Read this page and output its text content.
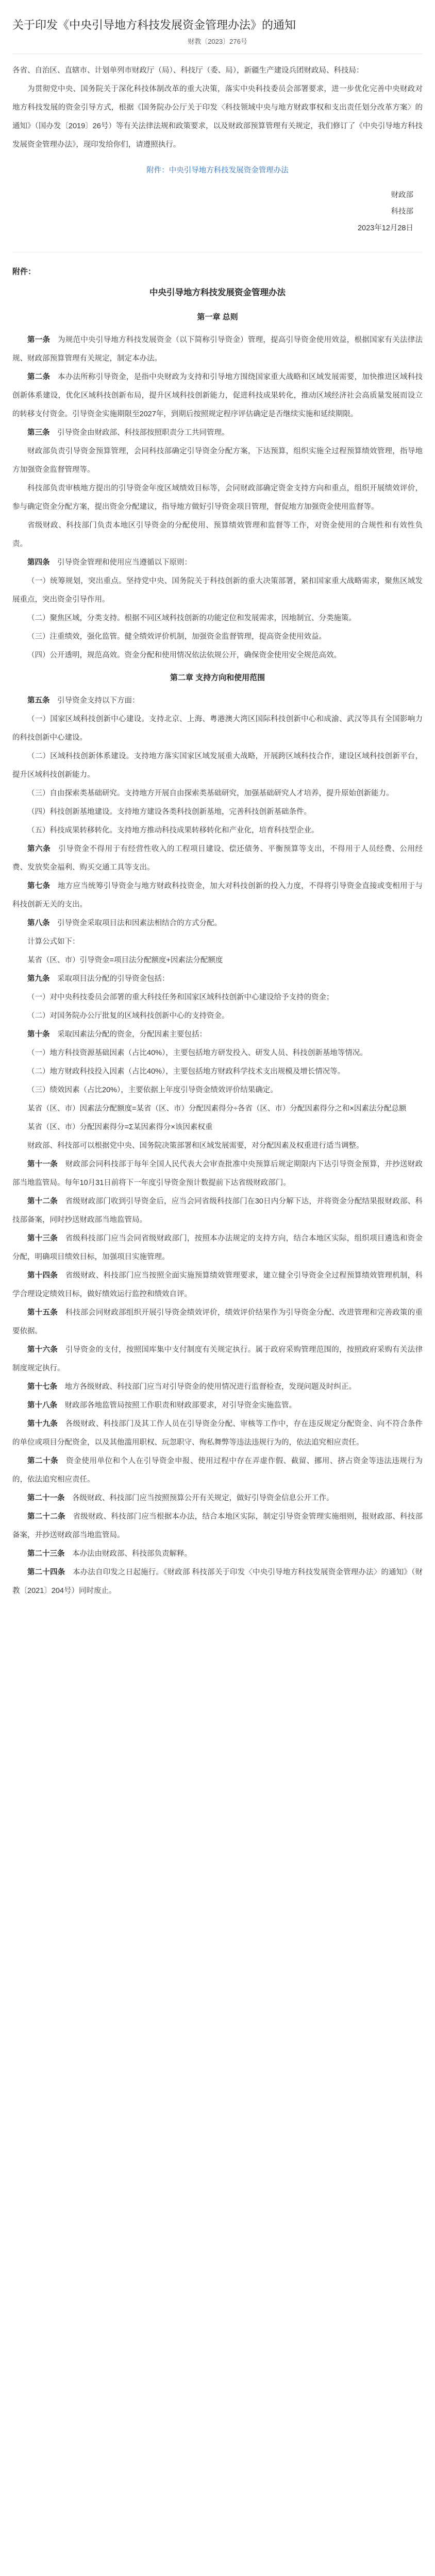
关于印发《中央引导地方科技发展资金管理办法》的通知
财教〔2023〕276号

各省、自治区、直辖市、计划单列市财政厅（局）、科技厅（委、局），新疆生产建设兵团财政局、科技局：

为贯彻党中央、国务院关于深化科技体制改革的重大决策，落实中央科技委员会部署要求，进一步优化完善中央财政对地方科技发展的资金引导方式，根据《国务院办公厅关于印发〈科技领域中央与地方财政事权和支出责任划分改革方案〉的通知》（国办发〔2019〕26号）等有关法律法规和政策要求，以及财政部预算管理有关规定，我们修订了《中央引导地方科技发展资金管理办法》，现印发给你们，请遵照执行。

附件：中央引导地方科技发展资金管理办法

财政部

科技部

2023年12月28日

附件：

中央引导地方科技发展资金管理办法
第一章 总则

第一条　 为规范中央引导地方科技发展资金（以下简称引导资金）管理，提高引导资金使用效益，根据国家有关法律法规、财政部预算管理有关规定，制定本办法。

第二条　 本办法所称引导资金，是指中央财政为支持和引导地方围绕国家重大战略和区域发展需要，加快推进区域科技创新体系建设，优化区域科技创新布局，提升区域科技创新能力，促进科技成果转化，推动区域经济社会高质量发展而设立的转移支付资金。引导资金实施期限至2027年，到期后按照规定程序评估确定是否继续实施和延续期限。

第三条　 引导资金由财政部、科技部按照职责分工共同管理。

财政部负责引导资金预算管理，会同科技部确定引导资金分配方案，下达预算，组织实施全过程预算绩效管理，指导地方加强资金监督管理等。

科技部负责审核地方提出的引导资金年度区域绩效目标等，会同财政部确定资金支持方向和重点，组织开展绩效评价，参与确定资金分配方案，提出资金分配建议，指导地方做好引导资金项目管理，督促地方加强资金使用监督等。

省级财政、科技部门负责本地区引导资金的分配使用、预算绩效管理和监督等工作，对资金使用的合规性和有效性负责。

第四条　 引导资金管理和使用应当遵循以下原则：

（一）统筹规划，突出重点。坚持党中央、国务院关于科技创新的重大决策部署，紧扣国家重大战略需求，聚焦区域发展重点，突出资金引导作用。

（二）聚焦区域，分类支持。根据不同区域科技创新的功能定位和发展需求，因地制宜、分类施策。

（三）注重绩效，强化监管。健全绩效评价机制，加强资金监督管理，提高资金使用效益。

（四）公开透明，规范高效。资金分配和使用情况依法依规公开，确保资金使用安全规范高效。

第二章 支持方向和使用范围

第五条　 引导资金支持以下方面：

（一）国家区域科技创新中心建设。支持北京、上海、粤港澳大湾区国际科技创新中心和成渝、武汉等具有全国影响力的科技创新中心建设。

（二）区域科技创新体系建设。支持地方落实国家区域发展重大战略，开展跨区域科技合作，建设区域科技创新平台，提升区域科技创新能力。

（三）自由探索类基础研究。支持地方开展自由探索类基础研究，加强基础研究人才培养，提升原始创新能力。

（四）科技创新基地建设。支持地方建设各类科技创新基地，完善科技创新基础条件。

（五）科技成果转移转化。支持地方推动科技成果转移转化和产业化，培育科技型企业。

第六条　 引导资金不得用于有经营性收入的工程项目建设、偿还债务、平衡预算等支出，不得用于人员经费、公用经费、发放奖金福利、购买交通工具等支出。

第七条　 地方应当统筹引导资金与地方财政科技资金，加大对科技创新的投入力度，不得将引导资金直接或变相用于与科技创新无关的支出。

第八条　 引导资金采取项目法和因素法相结合的方式分配。

计算公式如下：

某省（区、市）引导资金=项目法分配额度+因素法分配额度

第九条　 采取项目法分配的引导资金包括：

（一）对中央科技委员会部署的重大科技任务和国家区域科技创新中心建设给予支持的资金；

（二）对国务院办公厅批复的区域科技创新中心的支持资金。

第十条　 采取因素法分配的资金，分配因素主要包括：

（一）地方科技资源基础因素（占比40%），主要包括地方研发投入、研发人员、科技创新基地等情况。

（二）地方财政科技投入因素（占比40%），主要包括地方财政科学技术支出规模及增长情况等。

（三）绩效因素（占比20%），主要依据上年度引导资金绩效评价结果确定。

某省（区、市）因素法分配额度=某省（区、市）分配因素得分÷各省（区、市）分配因素得分之和×因素法分配总额

某省（区、市）分配因素得分=Σ某因素得分×该因素权重

财政部、科技部可以根据党中央、国务院决策部署和区域发展需要，对分配因素及权重进行适当调整。

第十一条　 财政部会同科技部于每年全国人民代表大会审查批准中央预算后规定期限内下达引导资金预算，并抄送财政部当地监管局。每年10月31日前将下一年度引导资金预计数提前下达省级财政部门。

第十二条　 省级财政部门收到引导资金后，应当会同省级科技部门在30日内分解下达，并将资金分配结果报财政部、科技部备案，同时抄送财政部当地监管局。

第十三条　 省级科技部门应当会同省级财政部门，按照本办法规定的支持方向，结合本地区实际，组织项目遴选和资金分配，明确项目绩效目标，加强项目实施管理。

第十四条　 省级财政、科技部门应当按照全面实施预算绩效管理要求，建立健全引导资金全过程预算绩效管理机制，科学合理设定绩效目标，做好绩效运行监控和绩效自评。

第十五条　 科技部会同财政部组织开展引导资金绩效评价，绩效评价结果作为引导资金分配、改进管理和完善政策的重要依据。

第十六条　 引导资金的支付，按照国库集中支付制度有关规定执行。属于政府采购管理范围的，按照政府采购有关法律制度规定执行。

第十七条　 地方各级财政、科技部门应当对引导资金的使用情况进行监督检查，发现问题及时纠正。

第十八条　 财政部各地监管局按照工作职责和财政部要求，对引导资金实施监管。

第十九条　 各级财政、科技部门及其工作人员在引导资金分配、审核等工作中，存在违反规定分配资金、向不符合条件的单位或项目分配资金，以及其他滥用职权、玩忽职守、徇私舞弊等违法违规行为的，依法追究相应责任。

第二十条　 资金使用单位和个人在引导资金申报、使用过程中存在弄虚作假、截留、挪用、挤占资金等违法违规行为的，依法追究相应责任。

第二十一条　 各级财政、科技部门应当按照预算公开有关规定，做好引导资金信息公开工作。

第二十二条　 省级财政、科技部门应当根据本办法，结合本地区实际，制定引导资金管理实施细则，报财政部、科技部备案，并抄送财政部当地监管局。

第二十三条　 本办法由财政部、科技部负责解释。

第二十四条　 本办法自印发之日起施行。《财政部 科技部关于印发〈中央引导地方科技发展资金管理办法〉的通知》（财教〔2021〕204号）同时废止。
